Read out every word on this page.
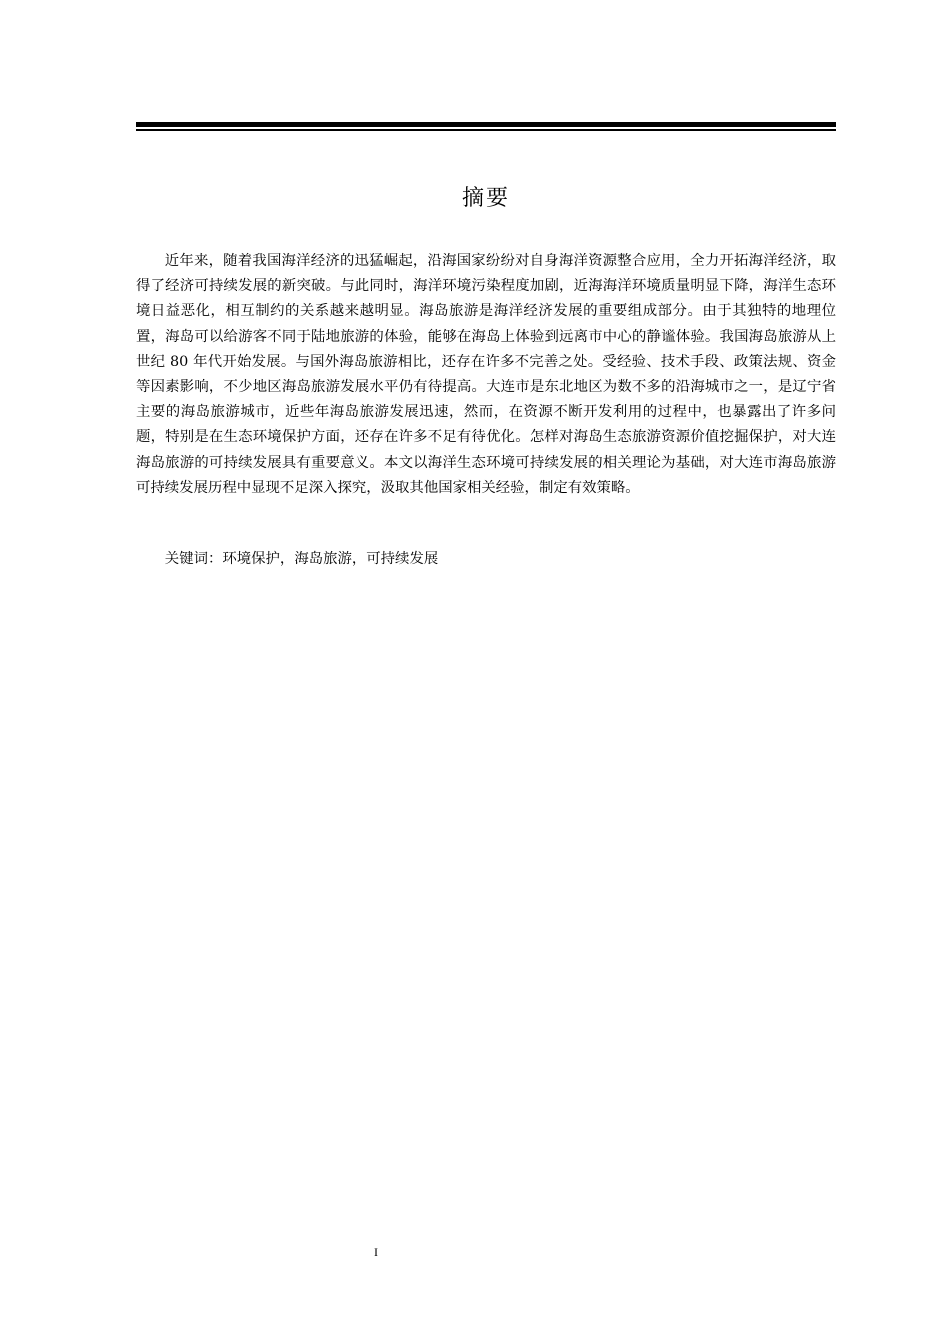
摘要

近年来，随着我国海洋经济的迅猛崛起，沿海国家纷纷对自身海洋资源整合应用，全力开拓海洋经济，取得了经济可持续发展的新突破。与此同时，海洋环境污染程度加剧，近海海洋环境质量明显下降，海洋生态环境日益恶化，相互制约的关系越来越明显。海岛旅游是海洋经济发展的重要组成部分。由于其独特的地理位置，海岛可以给游客不同于陆地旅游的体验，能够在海岛上体验到远离市中心的静谧体验。我国海岛旅游从上世纪 80 年代开始发展。与国外海岛旅游相比，还存在许多不完善之处。受经验、技术手段、政策法规、资金等因素影响，不少地区海岛旅游发展水平仍有待提高。大连市是东北地区为数不多的沿海城市之一，是辽宁省主要的海岛旅游城市，近些年海岛旅游发展迅速，然而，在资源不断开发利用的过程中，也暴露出了许多问题，特别是在生态环境保护方面，还存在许多不足有待优化。怎样对海岛生态旅游资源价值挖掘保护，对大连海岛旅游的可持续发展具有重要意义。本文以海洋生态环境可持续发展的相关理论为基础，对大连市海岛旅游可持续发展历程中显现不足深入探究，汲取其他国家相关经验，制定有效策略。

关键词：环境保护，海岛旅游，可持续发展

I
